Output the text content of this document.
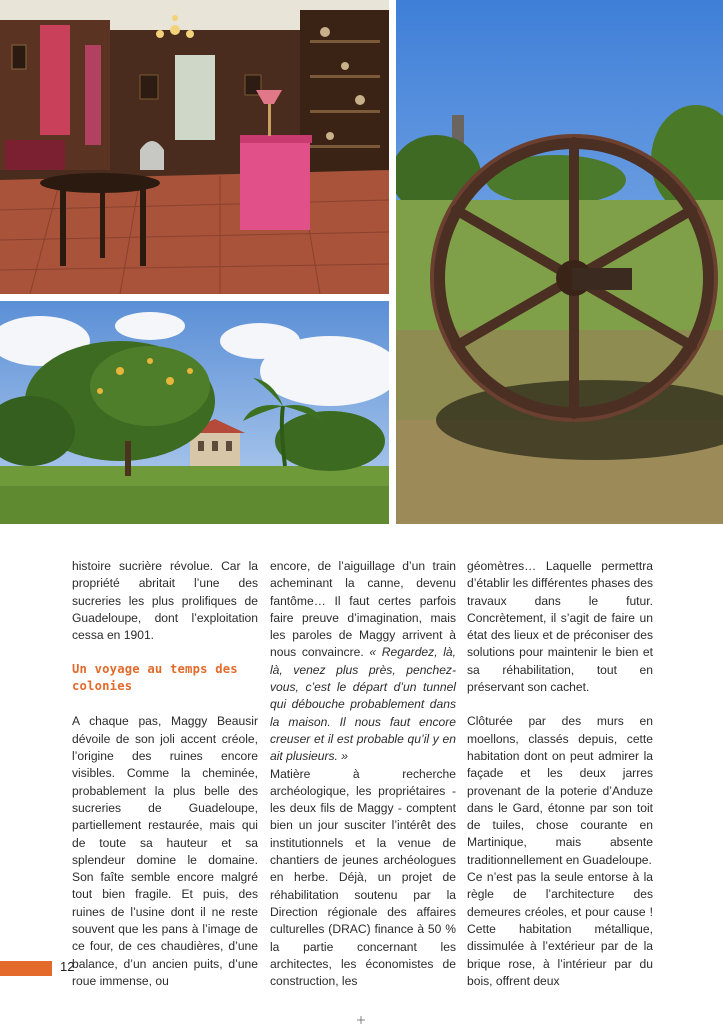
histoire sucrière révolue. Car la propriété abritait l’une des sucreries les plus prolifiques de Guadeloupe, dont l’exploitation cessa en 1901.

Un voyage au temps des colonies

A chaque pas, Maggy Beausir dévoile de son joli accent créole, l’origine des ruines encore visibles. Comme la cheminée, probablement la plus belle des sucreries de Guadeloupe, partiellement restaurée, mais qui de toute sa hauteur et sa splendeur domine le domaine. Son faîte semble encore malgré tout bien fragile. Et puis, des ruines de l’usine dont il ne reste souvent que les pans à l’image de ce four, de ces chaudières, d’une balance, d’un ancien puits, d’une roue immense, ou

encore, de l’aiguillage d’un train acheminant la canne, devenu fantôme… Il faut certes parfois faire preuve d’imagination, mais les paroles de Maggy arrivent à nous convaincre. « Regardez, là, là, venez plus près, penchez-vous, c’est le départ d’un tunnel qui débouche probablement dans la maison. Il nous faut encore creuser et il est probable qu’il y en ait plusieurs. »

Matière à recherche archéologique, les propriétaires - les deux fils de Maggy - comptent bien un jour susciter l’intérêt des institutionnels et la venue de chantiers de jeunes archéologues en herbe. Déjà, un projet de réhabilitation soutenu par la Direction régionale des affaires culturelles (DRAC) finance à 50 % la partie concernant les architectes, les économistes de construction, les

géomètres… Laquelle permettra d’établir les différentes phases des travaux dans le futur. Concrètement, il s’agit de faire un état des lieux et de préconiser des solutions pour maintenir le bien et sa réhabilitation, tout en préservant son cachet.

Clôturée par des murs en moellons, classés depuis, cette habitation dont on peut admirer la façade et les deux jarres provenant de la poterie d’Anduze dans le Gard, étonne par son toit de tuiles, chose courante en Martinique, mais absente traditionnellement en Guadeloupe.

Ce n’est pas la seule entorse à la règle de l’architecture des demeures créoles, et pour cause ! Cette habitation métallique, dissimulée à l’extérieur par de la brique rose, à l’intérieur par du bois, offrent deux

12
